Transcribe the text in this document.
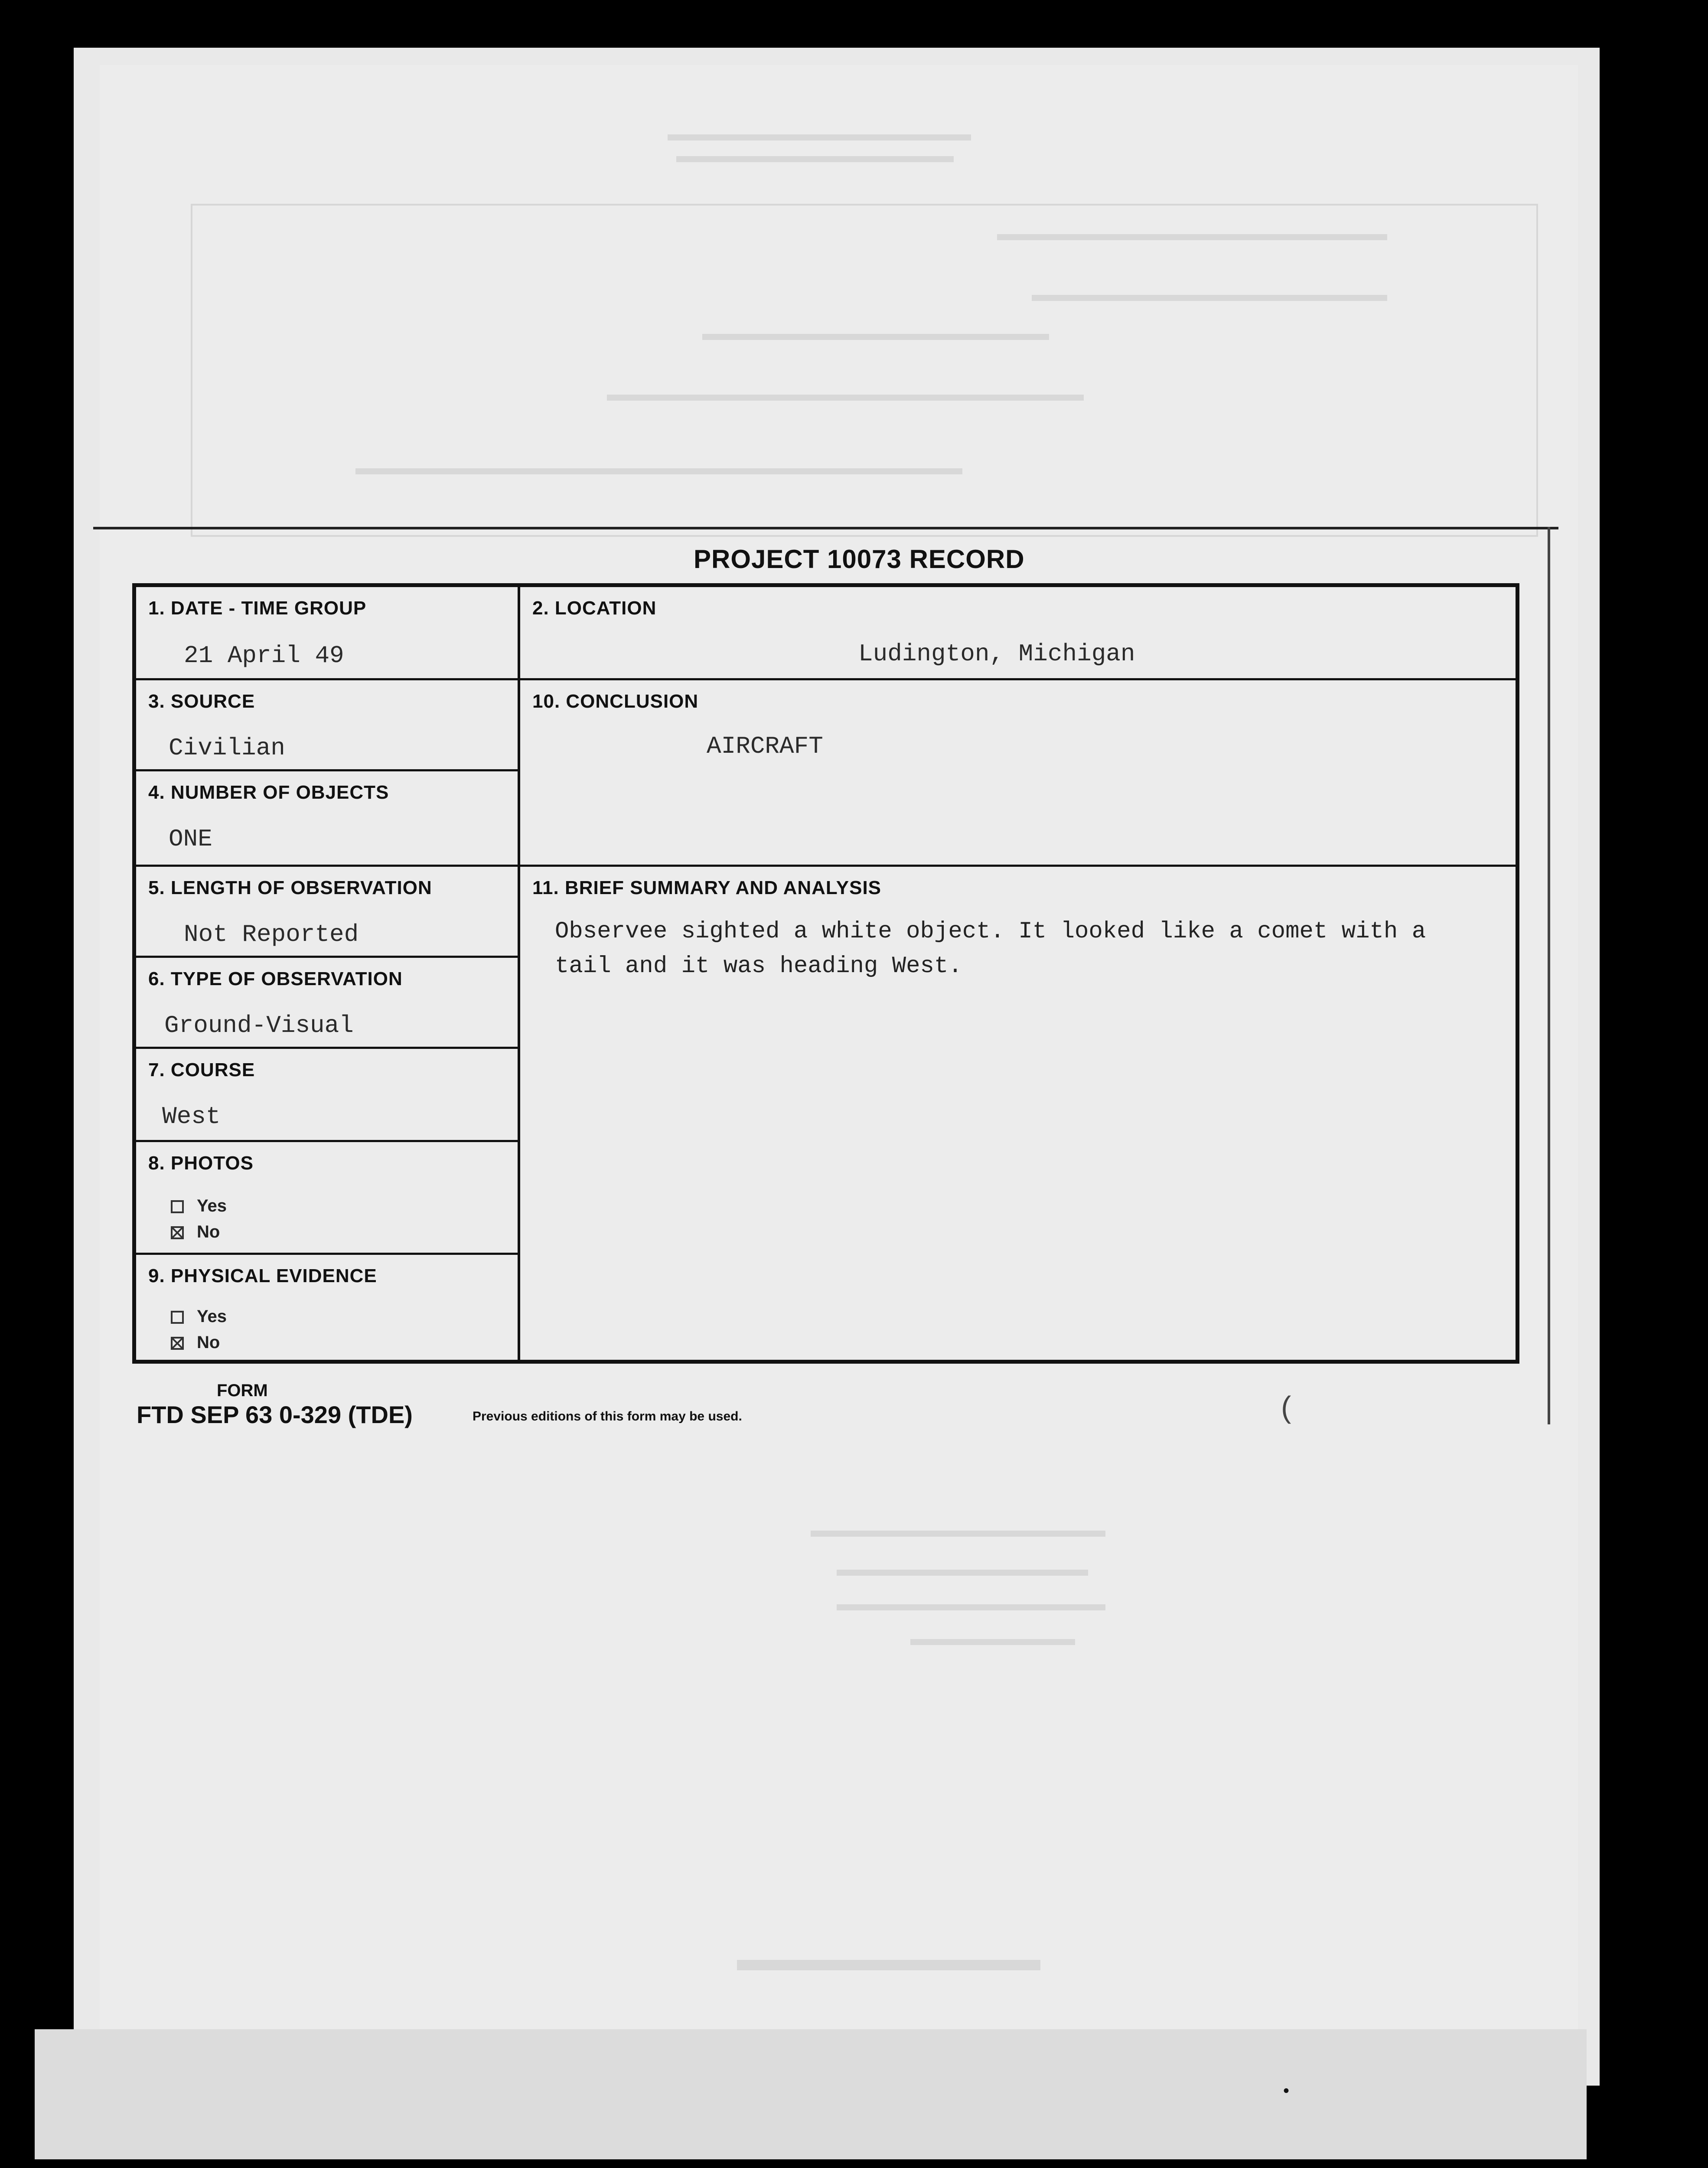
PROJECT 10073 RECORD
1. DATE - TIME GROUP
21 April 49
2. LOCATION
Ludington, Michigan
3. SOURCE
Civilian
10. CONCLUSION
AIRCRAFT
4. NUMBER OF OBJECTS
ONE
5. LENGTH OF OBSERVATION
Not Reported
11. BRIEF SUMMARY AND ANALYSIS
Observee sighted a white object. It looked like a comet with a tail and it was heading West.
6. TYPE OF OBSERVATION
Ground-Visual
7. COURSE
West
8. PHOTOS
Yes
No
9. PHYSICAL EVIDENCE
Yes
No
FORM
FTD SEP 63 0-329 (TDE)	Previous editions of this form may be used.	(
•
